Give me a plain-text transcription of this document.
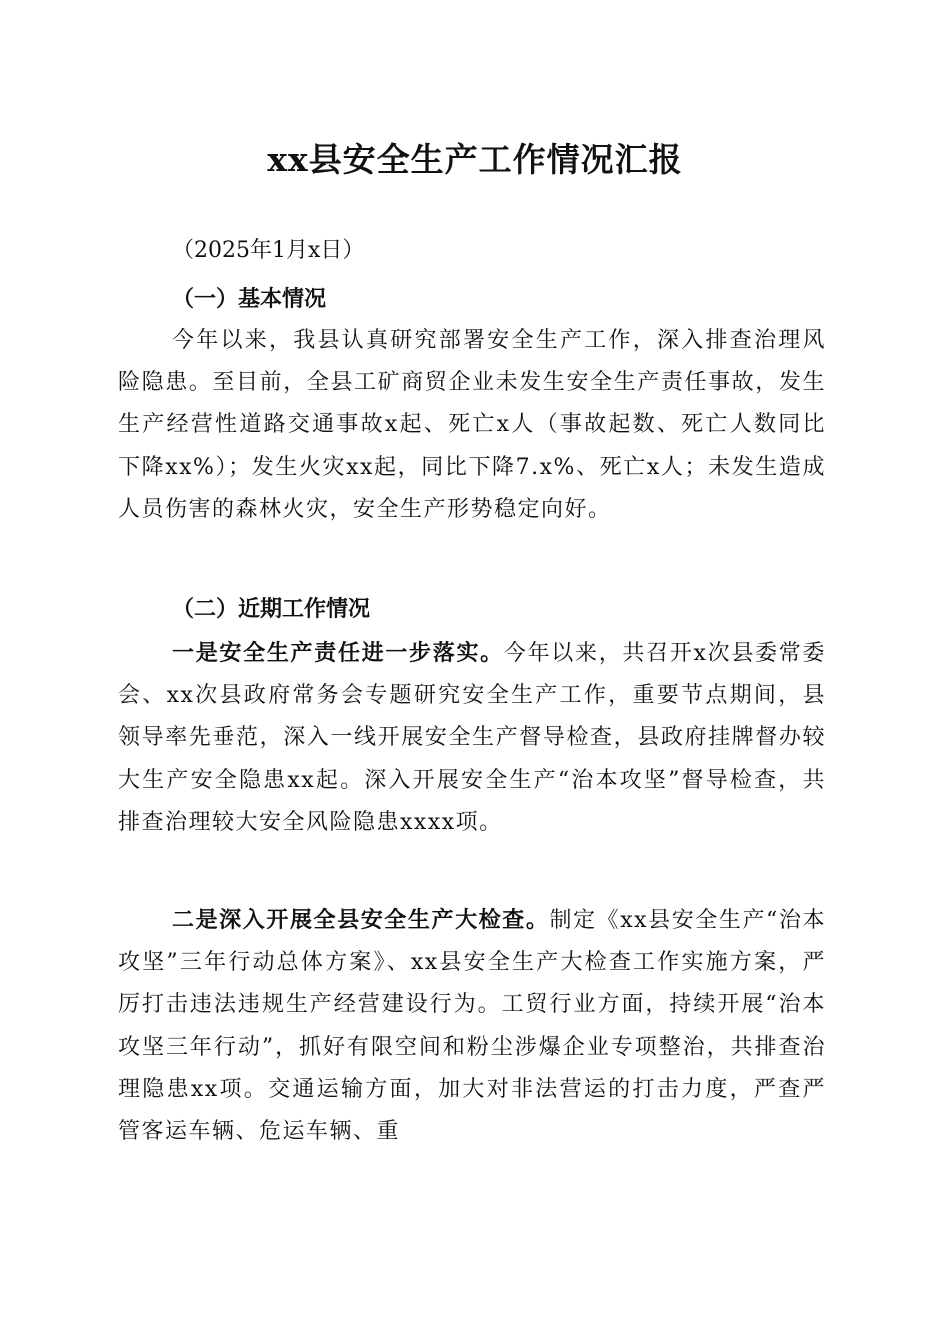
xx县安全生产工作情况汇报
（2025年1月x日）
（一）基本情况
今年以来，我县认真研究部署安全生产工作，深入排查治理风险隐患。至目前，全县工矿商贸企业未发生安全生产责任事故，发生生产经营性道路交通事故x起、死亡x人（事故起数、死亡人数同比下降xx%）；发生火灾xx起，同比下降7.x%、死亡x人；未发生造成人员伤害的森林火灾，安全生产形势稳定向好。
（二）近期工作情况
一是安全生产责任进一步落实。今年以来，共召开x次县委常委会、xx次县政府常务会专题研究安全生产工作，重要节点期间，县领导率先垂范，深入一线开展安全生产督导检查，县政府挂牌督办较大生产安全隐患xx起。深入开展安全生产“治本攻坚”督导检查，共排查治理较大安全风险隐患xxxx项。
二是深入开展全县安全生产大检查。制定《xx县安全生产“治本攻坚”三年行动总体方案》、xx县安全生产大检查工作实施方案，严厉打击违法违规生产经营建设行为。工贸行业方面，持续开展“治本攻坚三年行动”，抓好有限空间和粉尘涉爆企业专项整治，共排查治理隐患xx项。交通运输方面，加大对非法营运的打击力度，严查严管客运车辆、危运车辆、重
